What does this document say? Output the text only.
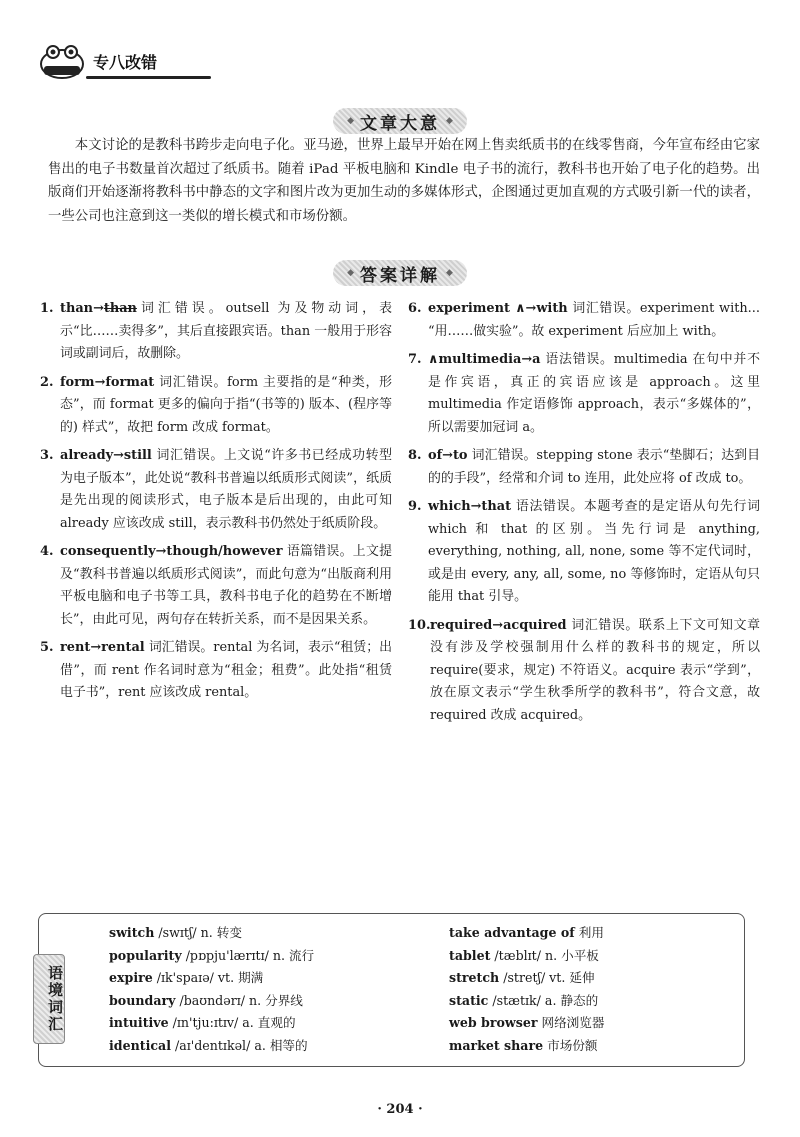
专八改错
◆ 文章大意 ◆

本文讨论的是教科书跨步走向电子化。亚马逊，世界上最早开始在网上售卖纸质书的在线零售商，今年宣布经由它家售出的电子书数量首次超过了纸质书。随着 iPad 平板电脑和 Kindle 电子书的流行，教科书也开始了电子化的趋势。出版商们开始逐渐将教科书中静态的文字和图片改为更加生动的多媒体形式，企图通过更加直观的方式吸引新一代的读者，一些公司也注意到这一类似的增长模式和市场份额。

◆ 答案详解 ◆
1. than→than词汇错误。outsell 为及物动词，表示“比……卖得多”，其后直接跟宾语。than 一般用于形容词或副词后，故删除。
2. form→format 词汇错误。form 主要指的是“种类，形态”，而 format 更多的偏向于指“(书等的) 版本、(程序等的) 样式”，故把 form 改成 format。
3. already→still 词汇错误。上文说“许多书已经成功转型为电子版本”，此处说“教科书普遍以纸质形式阅读”，纸质是先出现的阅读形式，电子版本是后出现的，由此可知 already 应该改成 still，表示教科书仍然处于纸质阶段。
4. consequently→though/however 语篇错误。上文提及“教科书普遍以纸质形式阅读”，而此句意为“出版商利用平板电脑和电子书等工具，教科书电子化的趋势在不断增长”，由此可见，两句存在转折关系，而不是因果关系。
5. rent→rental 词汇错误。rental 为名词，表示“租赁；出借”，而 rent 作名词时意为“租金；租费”。此处指“租赁电子书”，rent 应该改成 rental。
6. experiment ∧→with 词汇错误。experiment with... “用……做实验”。故 experiment 后应加上 with。
7. ∧multimedia→a 语法错误。multimedia 在句中并不是作宾语，真正的宾语应该是 approach。这里 multimedia 作定语修饰 approach，表示“多媒体的”，所以需要加冠词 a。
8. of→to 词汇错误。stepping stone 表示“垫脚石；达到目的的手段”，经常和介词 to 连用，此处应将 of 改成 to。
9. which→that 语法错误。本题考查的是定语从句先行词 which 和 that 的区别。当先行词是 anything, everything, nothing, all, none, some 等不定代词时，或是由 every, any, all, some, no 等修饰时，定语从句只能用 that 引导。
10. required→acquired 词汇错误。联系上下文可知文章没有涉及学校强制用什么样的教科书的规定，所以 require(要求，规定) 不符语义。acquire 表示“学到”，放在原文表示“学生秋季所学的教科书”，符合文意，故 required 改成 acquired。
语境词汇
switch /swɪtʃ/ n. 转变
popularity /pɒpju'lærɪtɪ/ n. 流行
expire /ɪk'spaɪə/ vt. 期满
boundary /baʊndərɪ/ n. 分界线
intuitive /ɪn'tju:ɪtɪv/ a. 直观的
identical /aɪ'dentɪkəl/ a. 相等的
take advantage of 利用
tablet /tæblɪt/ n. 小平板
stretch /stretʃ/ vt. 延伸
static /stætɪk/ a. 静态的
web browser 网络浏览器
market share 市场份额
· 204 ·
